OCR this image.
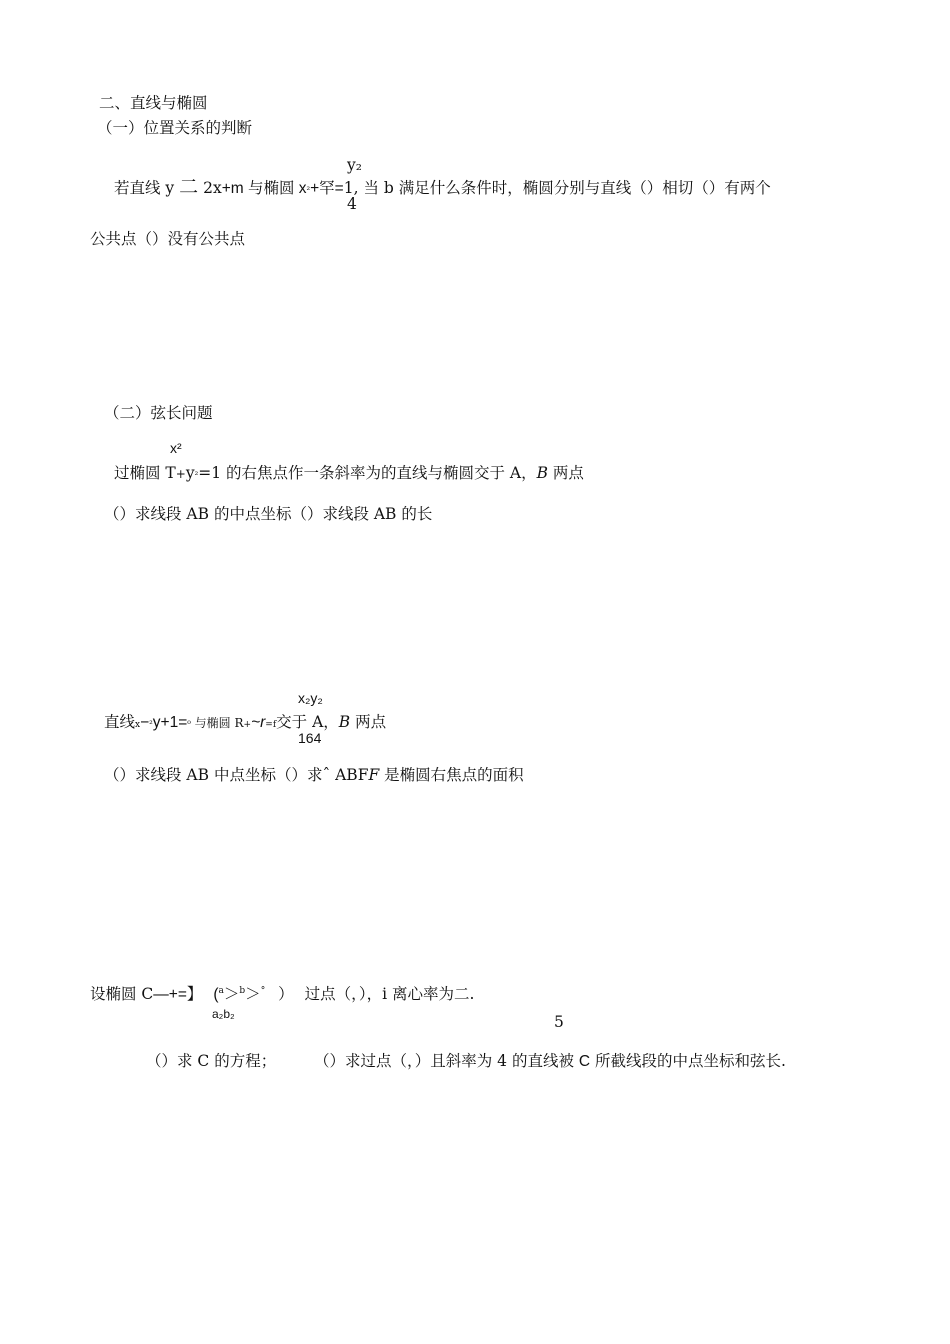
二、直线与椭圆
（一）位置关系的判断
y₂
4
若直线 y 二 2x+m 与椭圆 x²+罕=1, 当 b 满足什么条件时，椭圆分别与直线（）相切（）有两个
公共点（）没有公共点
（二）弦长问题
x²
过椭圆 T+y²=1 的右焦点作一条斜率为的直线与椭圆交于 A，B 两点
（）求线段 AB 的中点坐标（）求线段 AB 的长
x₂y₂
164
直线x−²y+1=⁰ 与椭圆 R+~r=f交于 A，B 两点
（）求线段 AB 中点坐标（）求ˆ ABFF 是椭圆右焦点的面积
设椭圆 C—+=】 ($^a$＞$^b$＞° ） 过点（，），i 离心率为二.
a₂b₂	5
（）求 C 的方程； （）求过点（，）且斜率为 4 的直线被 C 所截线段的中点坐标和弦长.
